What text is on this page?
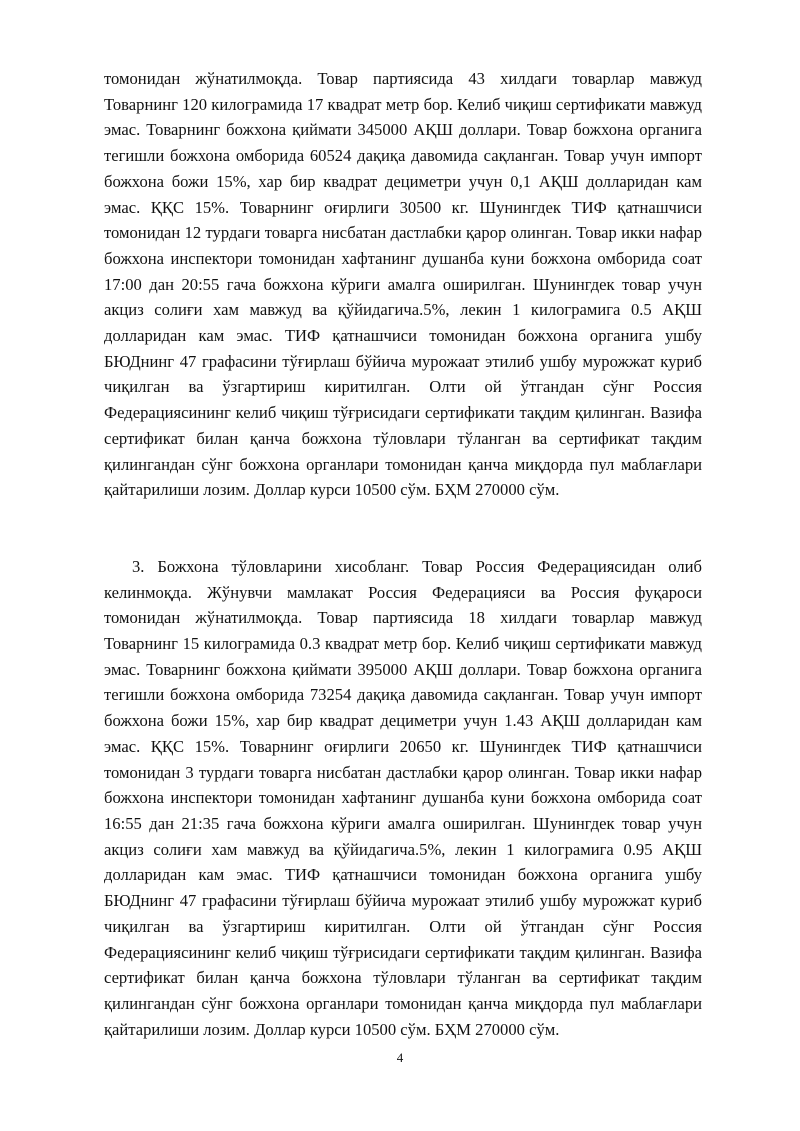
томонидан жўнатилмоқда. Товар партиясида 43 хилдаги товарлар мавжуд Товарнинг 120 килограмида 17 квадрат метр бор. Келиб чиқиш сертификати мавжуд эмас. Товарнинг божхона қиймати 345000 АҚШ доллари. Товар божхона органига тегишли божхона омборида 60524 дақиқа давомида сақланган. Товар учун импорт божхона божи 15%, хар бир квадрат дециметри учун 0,1 АҚШ долларидан кам эмас. ҚҚС 15%. Товарнинг оғирлиги 30500 кг. Шунингдек ТИФ қатнашчиси томонидан 12 турдаги товарга нисбатан дастлабки қарор олинган. Товар икки нафар божхона инспектори томонидан хафтанинг душанба куни божхона омборида соат 17:00 дан 20:55 гача божхона кўриги амалга оширилган. Шунингдек товар учун акциз солиғи хам мавжуд ва қўйидагича.5%, лекин 1 килограмига 0.5 АҚШ долларидан кам эмас. ТИФ қатнашчиси томонидан божхона органига ушбу БЮДнинг 47 графасини тўғирлаш бўйича мурожаат этилиб ушбу мурожжат куриб чиқилган ва ўзгартириш киритилган. Олти ой ўтгандан сўнг Россия Федерациясининг келиб чиқиш тўғрисидаги сертификати тақдим қилинган. Вазифа сертификат билан қанча божхона тўловлари тўланган ва сертификат тақдим қилингандан сўнг божхона органлари томонидан қанча миқдорда пул маблағлари қайтарилиши лозим. Доллар курси 10500 сўм. БҲМ 270000 сўм.

3. Божхона тўловларини хисобланг. Товар Россия Федерациясидан олиб келинмоқда. Жўнувчи мамлакат Россия Федерацияси ва Россия фуқароси томонидан жўнатилмоқда. Товар партиясида 18 хилдаги товарлар мавжуд Товарнинг 15 килограмида 0.3 квадрат метр бор. Келиб чиқиш сертификати мавжуд эмас. Товарнинг божхона қиймати 395000 АҚШ доллари. Товар божхона органига тегишли божхона омборида 73254 дақиқа давомида сақланган. Товар учун импорт божхона божи 15%, хар бир квадрат дециметри учун 1.43 АҚШ долларидан кам эмас. ҚҚС 15%. Товарнинг оғирлиги 20650 кг. Шунингдек ТИФ қатнашчиси томонидан 3 турдаги товарга нисбатан дастлабки қарор олинган. Товар икки нафар божхона инспектори томонидан хафтанинг душанба куни божхона омборида соат 16:55 дан 21:35 гача божхона кўриги амалга оширилган. Шунингдек товар учун акциз солиғи хам мавжуд ва қўйидагича.5%, лекин 1 килограмига 0.95 АҚШ долларидан кам эмас. ТИФ қатнашчиси томонидан божхона органига ушбу БЮДнинг 47 графасини тўғирлаш бўйича мурожаат этилиб ушбу мурожжат куриб чиқилган ва ўзгартириш киритилган. Олти ой ўтгандан сўнг Россия Федерациясининг келиб чиқиш тўғрисидаги сертификати тақдим қилинган. Вазифа сертификат билан қанча божхона тўловлари тўланган ва сертификат тақдим қилингандан сўнг божхона органлари томонидан қанча миқдорда пул маблағлари қайтарилиши лозим. Доллар курси 10500 сўм. БҲМ 270000 сўм.

4
